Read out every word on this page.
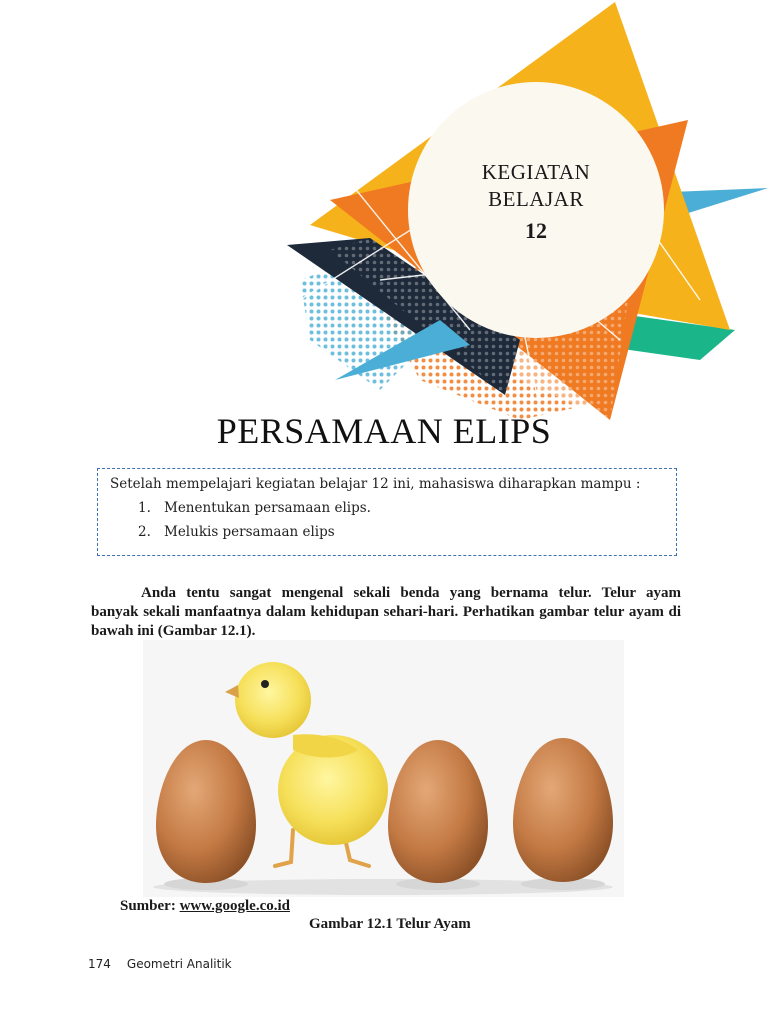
KEGIATAN
BELAJAR
12
PERSAMAAN ELIPS
Setelah mempelajari kegiatan belajar 12 ini, mahasiswa diharapkan mampu :
1. Menentukan persamaan elips.
2. Melukis persamaan elips
Anda tentu sangat mengenal sekali benda yang bernama telur. Telur ayam
banyak sekali manfaatnya dalam kehidupan sehari-hari. Perhatikan gambar telur ayam di bawah ini (Gambar 12.1).
Sumber: www.google.co.id
Gambar 12.1 Telur Ayam
174 Geometri Analitik
